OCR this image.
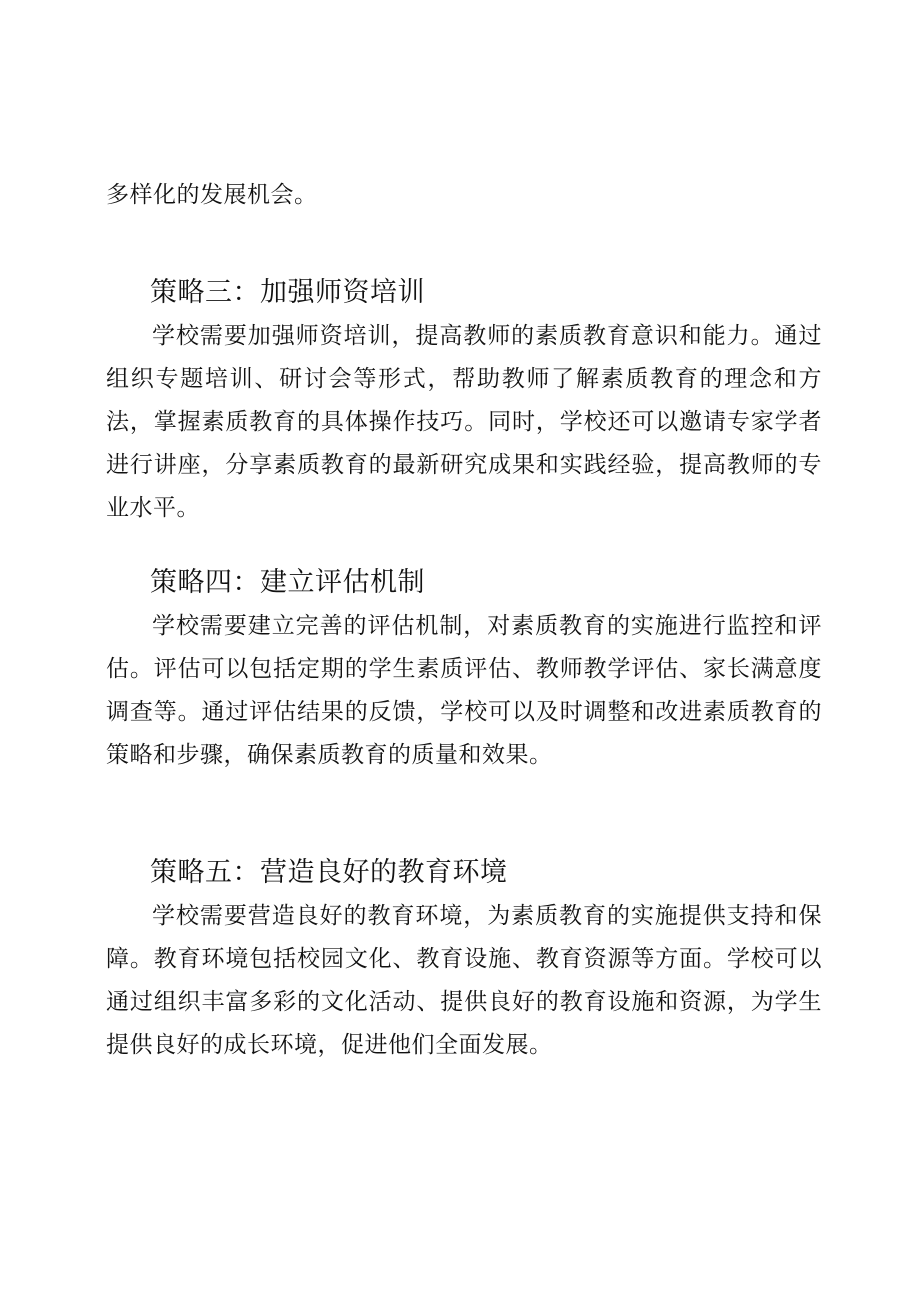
多样化的发展机会。

策略三：加强师资培训

学校需要加强师资培训，提高教师的素质教育意识和能力。通过组织专题培训、研讨会等形式，帮助教师了解素质教育的理念和方法，掌握素质教育的具体操作技巧。同时，学校还可以邀请专家学者进行讲座，分享素质教育的最新研究成果和实践经验，提高教师的专业水平。

策略四：建立评估机制

学校需要建立完善的评估机制，对素质教育的实施进行监控和评估。评估可以包括定期的学生素质评估、教师教学评估、家长满意度调查等。通过评估结果的反馈，学校可以及时调整和改进素质教育的策略和步骤，确保素质教育的质量和效果。

策略五：营造良好的教育环境

学校需要营造良好的教育环境，为素质教育的实施提供支持和保障。教育环境包括校园文化、教育设施、教育资源等方面。学校可以通过组织丰富多彩的文化活动、提供良好的教育设施和资源，为学生提供良好的成长环境，促进他们全面发展。
